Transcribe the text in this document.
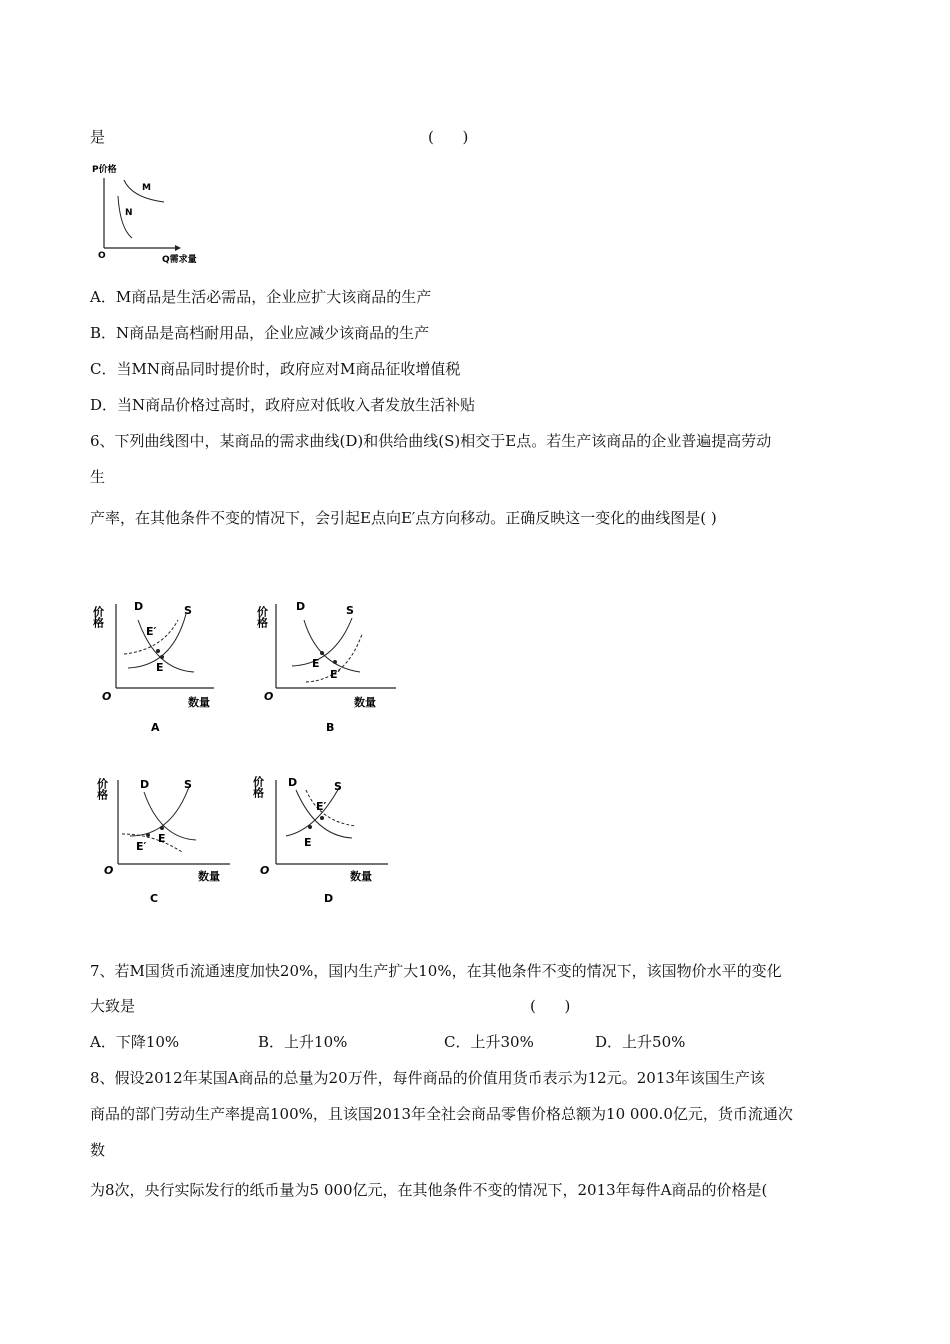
是	(      )
P价格
Q需求量
O
M
N
A．M商品是生活必需品，企业应扩大该商品的生产
B．N商品是高档耐用品，企业应减少该商品的生产
C．当MN商品同时提价时，政府应对M商品征收增值税
D．当N商品价格过高时，政府应对低收入者发放生活补贴
6、下列曲线图中，某商品的需求曲线(D)和供给曲线(S)相交于E点。若生产该商品的企业普遍提高劳动
生
产率，在其他条件不变的情况下，会引起E点向E′点方向移动。正确反映这一变化的曲线图是( )
价格
数量
O
D	S
E′
E
A
价格
数量
O
D	S
E
E′
B
价格
数量
O
D	S
E
E′
C
价格
数量
O
D	S
E
E′
D
7、若M国货币流通速度加快20%，国内生产扩大10%，在其他条件不变的情况下，该国物价水平的变化
大致是	(      )
A．下降10%	B．上升10%	C．上升30%	D．上升50%
8、假设2012年某国A商品的总量为20万件，每件商品的价值用货币表示为12元。2013年该国生产该
商品的部门劳动生产率提高100%，且该国2013年全社会商品零售价格总额为10 000.0亿元，货币流通次
数
为8次，央行实际发行的纸币量为5 000亿元，在其他条件不变的情况下，2013年每件A商品的价格是(
